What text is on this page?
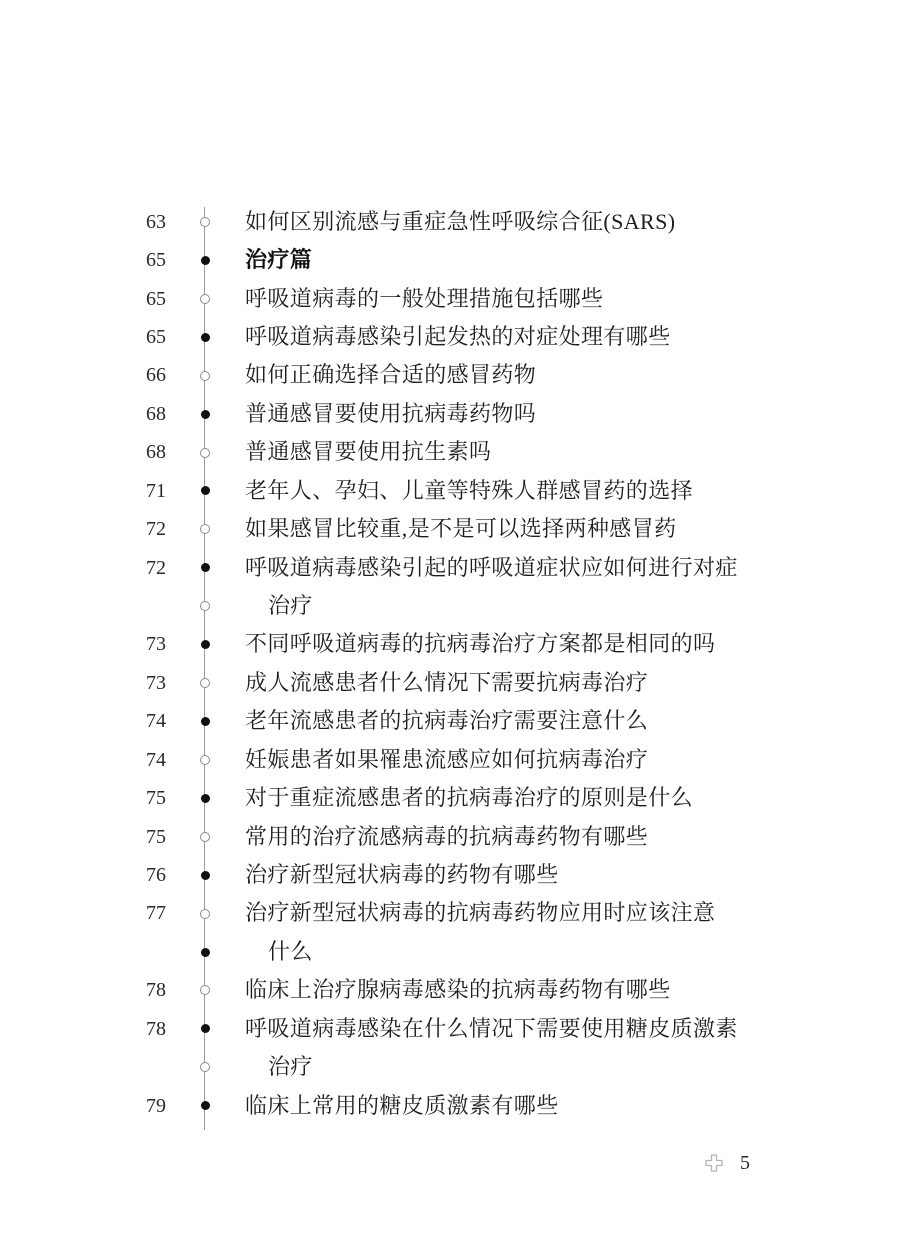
63	如何区别流感与重症急性呼吸综合征(SARS)
65	治疗篇
65	呼吸道病毒的一般处理措施包括哪些
65	呼吸道病毒感染引起发热的对症处理有哪些
66	如何正确选择合适的感冒药物
68	普通感冒要使用抗病毒药物吗
68	普通感冒要使用抗生素吗
71	老年人、孕妇、儿童等特殊人群感冒药的选择
72	如果感冒比较重,是不是可以选择两种感冒药
72	呼吸道病毒感染引起的呼吸道症状应如何进行对症
治疗
73	不同呼吸道病毒的抗病毒治疗方案都是相同的吗
73	成人流感患者什么情况下需要抗病毒治疗
74	老年流感患者的抗病毒治疗需要注意什么
74	妊娠患者如果罹患流感应如何抗病毒治疗
75	对于重症流感患者的抗病毒治疗的原则是什么
75	常用的治疗流感病毒的抗病毒药物有哪些
76	治疗新型冠状病毒的药物有哪些
77	治疗新型冠状病毒的抗病毒药物应用时应该注意
什么
78	临床上治疗腺病毒感染的抗病毒药物有哪些
78	呼吸道病毒感染在什么情况下需要使用糖皮质激素
治疗
79	临床上常用的糖皮质激素有哪些
5
